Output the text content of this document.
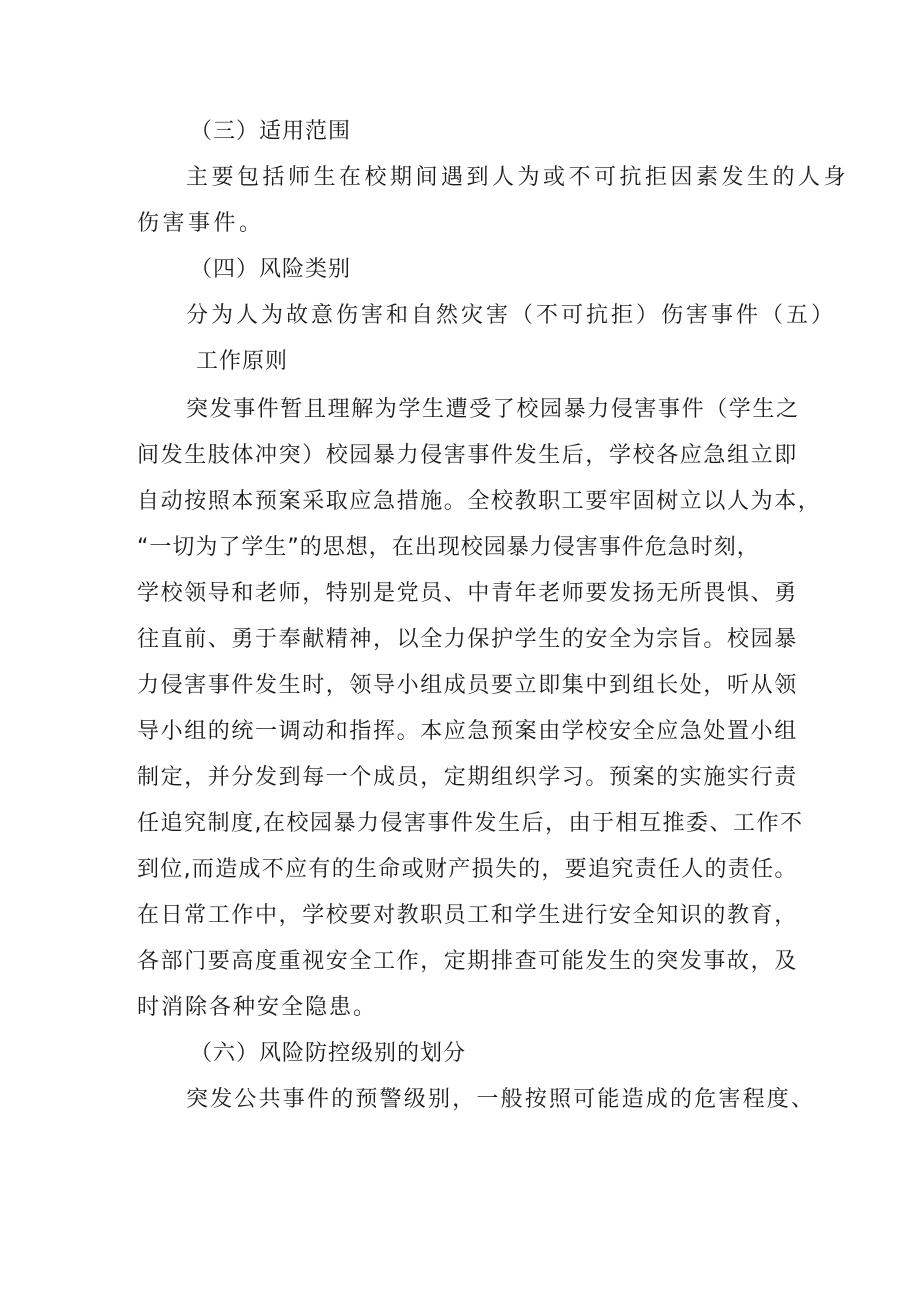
（三）适用范围
主要包括师生在校期间遇到人为或不可抗拒因素发生的人身
伤害事件。
（四）风险类别
分为人为故意伤害和自然灾害（不可抗拒）伤害事件（五）
工作原则
突发事件暂且理解为学生遭受了校园暴力侵害事件（学生之
间发生肢体冲突）校园暴力侵害事件发生后，学校各应急组立即
自动按照本预案采取应急措施。全校教职工要牢固树立以人为本，
“一切为了学生”的思想，在出现校园暴力侵害事件危急时刻，
学校领导和老师，特别是党员、中青年老师要发扬无所畏惧、勇
往直前、勇于奉献精神，以全力保护学生的安全为宗旨。校园暴
力侵害事件发生时，领导小组成员要立即集中到组长处，听从领
导小组的统一调动和指挥。本应急预案由学校安全应急处置小组
制定，并分发到每一个成员，定期组织学习。预案的实施实行责
任追究制度,在校园暴力侵害事件发生后，由于相互推委、工作不
到位,而造成不应有的生命或财产损失的，要追究责任人的责任。
在日常工作中，学校要对教职员工和学生进行安全知识的教育，
各部门要高度重视安全工作，定期排查可能发生的突发事故，及
时消除各种安全隐患。
（六）风险防控级别的划分
突发公共事件的预警级别，一般按照可能造成的危害程度、
